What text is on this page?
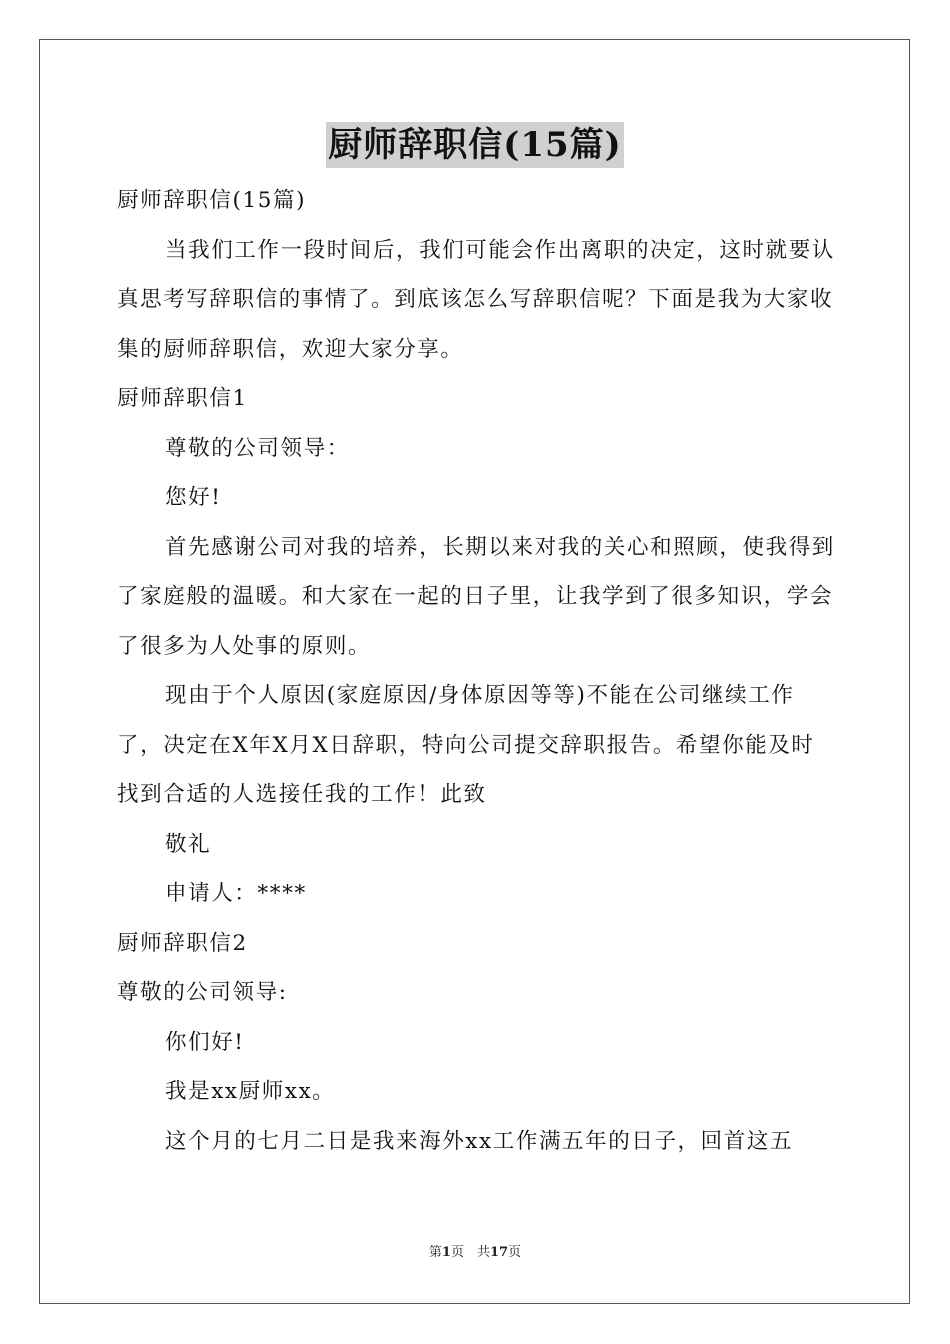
厨师辞职信(15篇)

厨师辞职信(15篇)

当我们工作一段时间后，我们可能会作出离职的决定，这时就要认真思考写辞职信的事情了。到底该怎么写辞职信呢？下面是我为大家收集的厨师辞职信，欢迎大家分享。

厨师辞职信1

尊敬的公司领导：

您好!

首先感谢公司对我的培养，长期以来对我的关心和照顾，使我得到了家庭般的温暖。和大家在一起的日子里，让我学到了很多知识，学会了很多为人处事的原则。

现由于个人原因(家庭原因/身体原因等等)不能在公司继续工作了，决定在X年X月X日辞职，特向公司提交辞职报告。希望你能及时找到合适的人选接任我的工作！此致

敬礼

申请人：****

厨师辞职信2

尊敬的公司领导:

你们好!

我是xx厨师xx。

这个月的七月二日是我来海外xx工作满五年的日子，回首这五

第1页　共17页
